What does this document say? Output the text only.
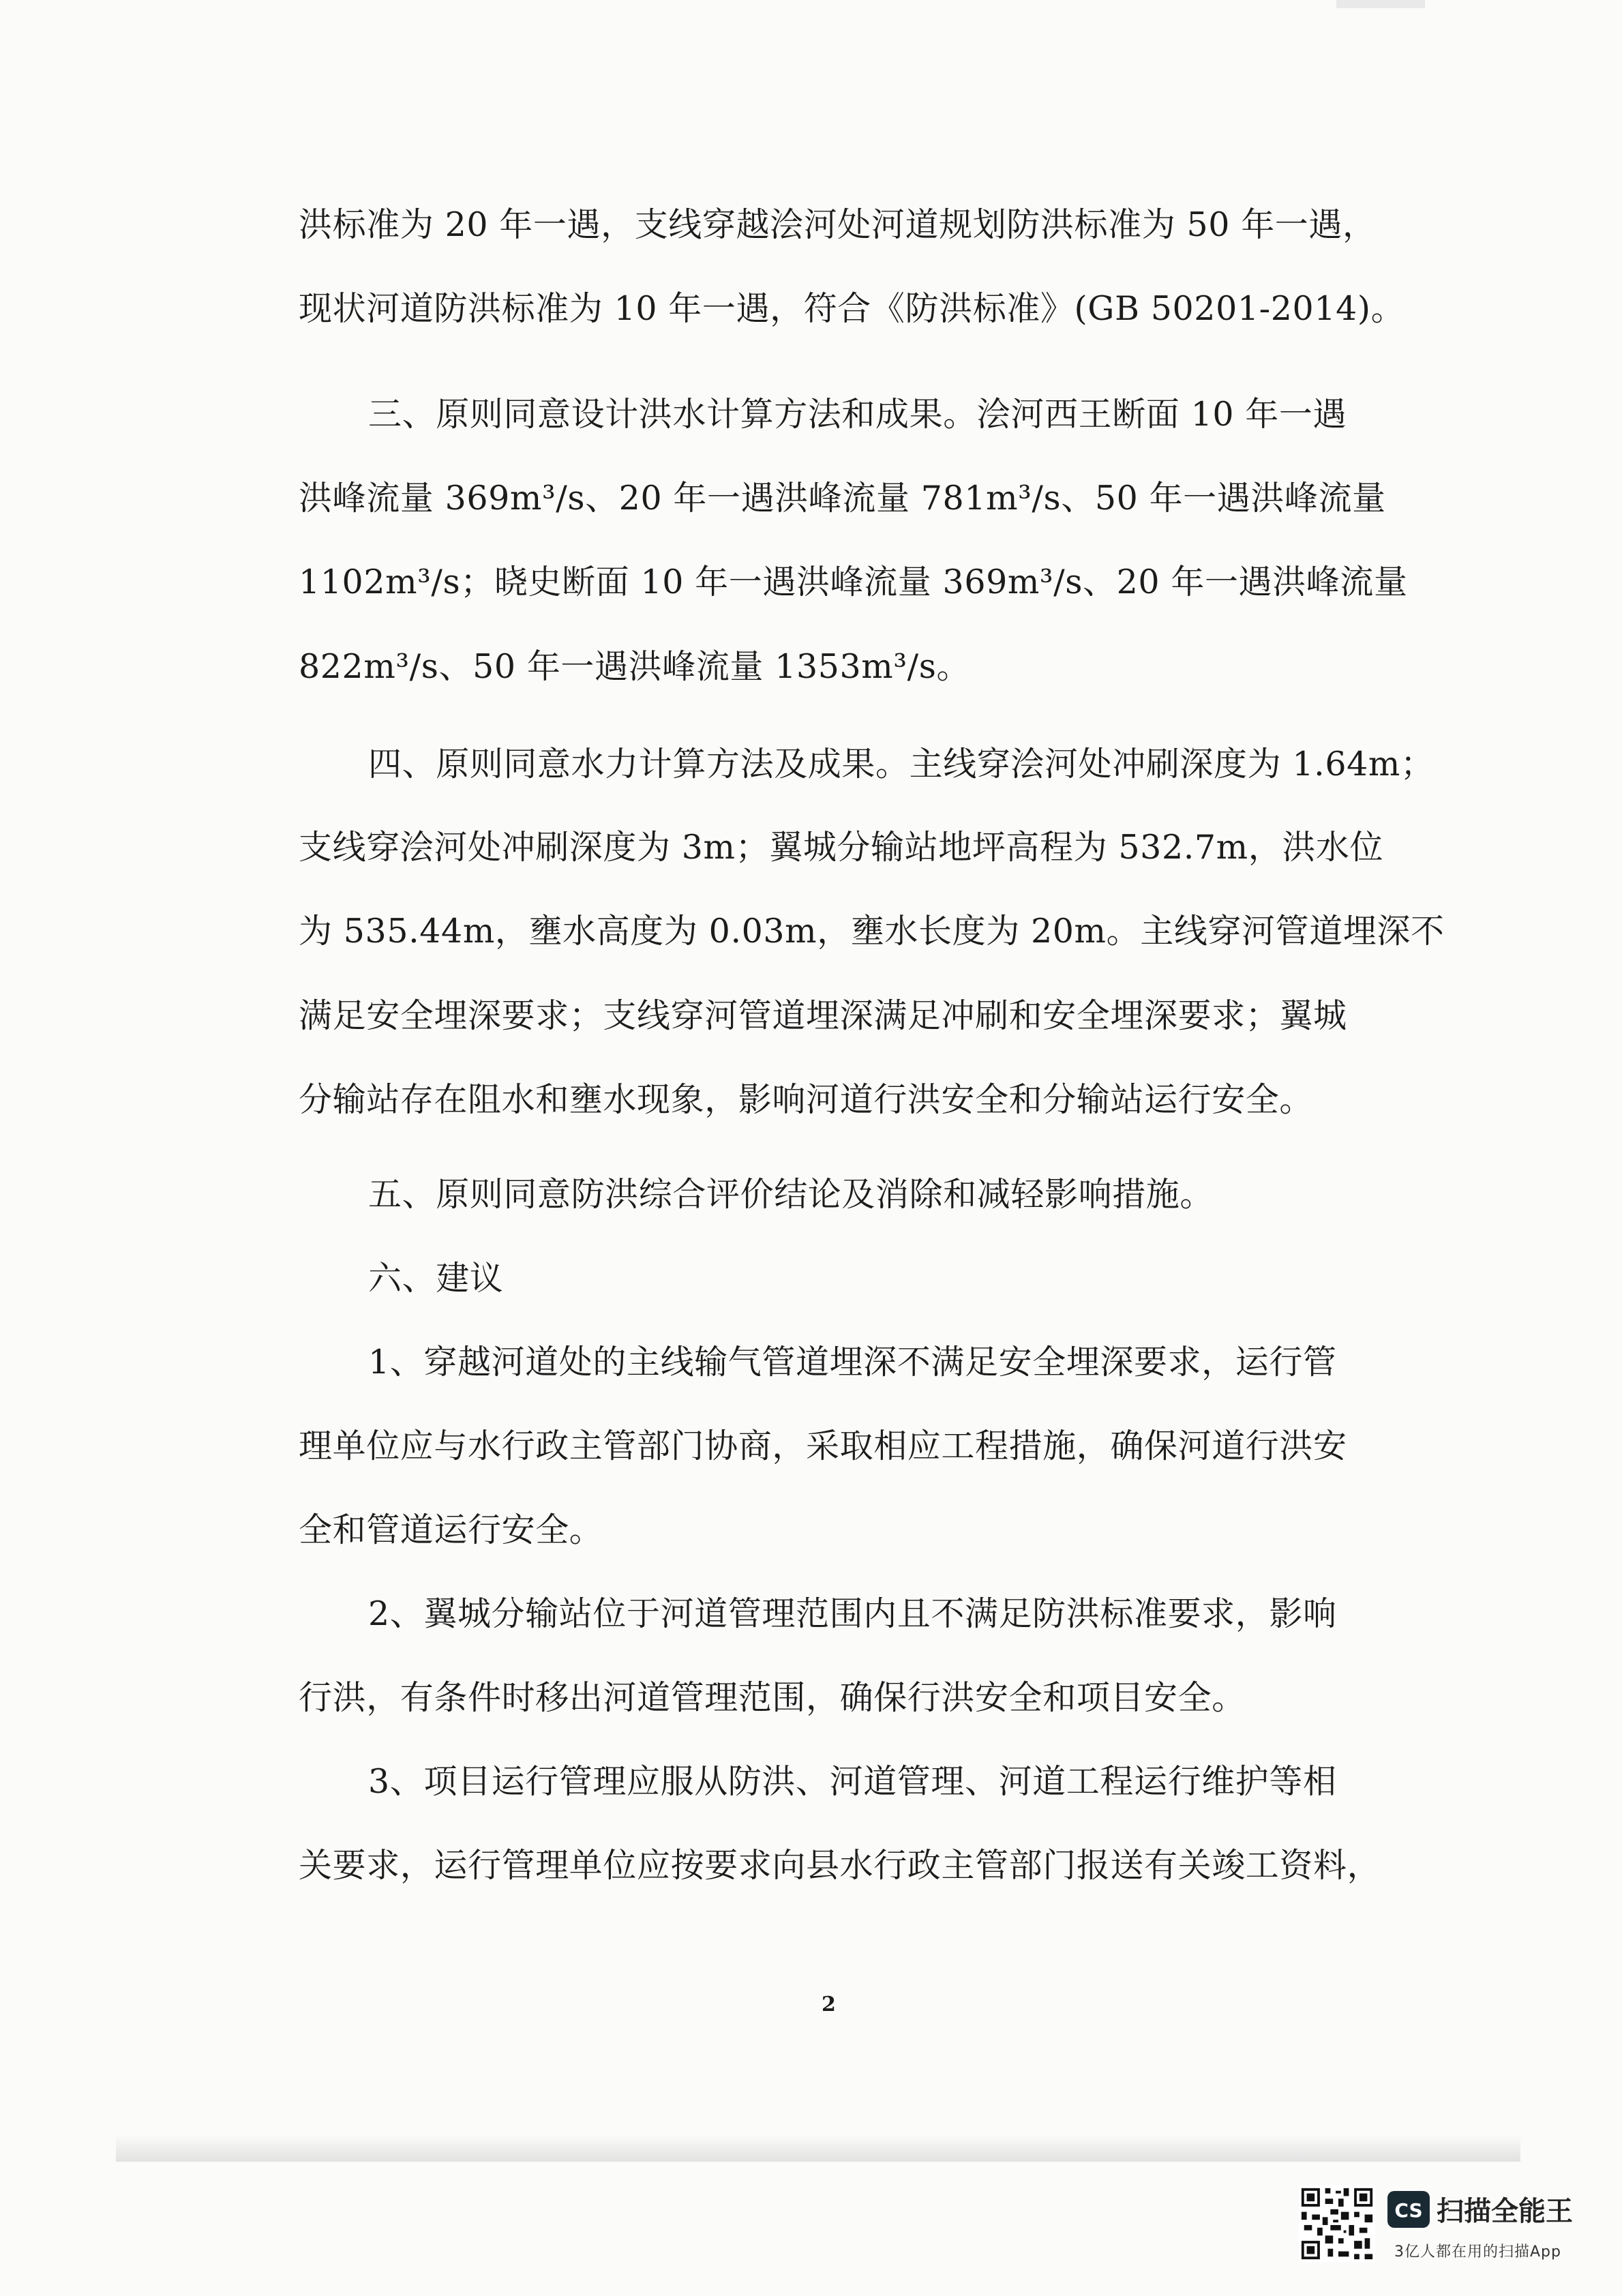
洪标准为 20 年一遇，支线穿越浍河处河道规划防洪标准为 50 年一遇，
现状河道防洪标准为 10 年一遇，符合《防洪标准》(GB 50201-2014)。
三、原则同意设计洪水计算方法和成果。浍河西王断面 10 年一遇
洪峰流量 369m³/s、20 年一遇洪峰流量 781m³/s、50 年一遇洪峰流量
1102m³/s；晓史断面 10 年一遇洪峰流量 369m³/s、20 年一遇洪峰流量
822m³/s、50 年一遇洪峰流量 1353m³/s。
四、原则同意水力计算方法及成果。主线穿浍河处冲刷深度为 1.64m；
支线穿浍河处冲刷深度为 3m；翼城分输站地坪高程为 532.7m，洪水位
为 535.44m，壅水高度为 0.03m，壅水长度为 20m。主线穿河管道埋深不
满足安全埋深要求；支线穿河管道埋深满足冲刷和安全埋深要求；翼城
分输站存在阻水和壅水现象，影响河道行洪安全和分输站运行安全。
五、原则同意防洪综合评价结论及消除和减轻影响措施。
六、建议
1、穿越河道处的主线输气管道埋深不满足安全埋深要求，运行管
理单位应与水行政主管部门协商，采取相应工程措施，确保河道行洪安
全和管道运行安全。
2、翼城分输站位于河道管理范围内且不满足防洪标准要求，影响
行洪，有条件时移出河道管理范围，确保行洪安全和项目安全。
3、项目运行管理应服从防洪、河道管理、河道工程运行维护等相
关要求，运行管理单位应按要求向县水行政主管部门报送有关竣工资料，
2
CS 扫描全能王
3亿人都在用的扫描App
